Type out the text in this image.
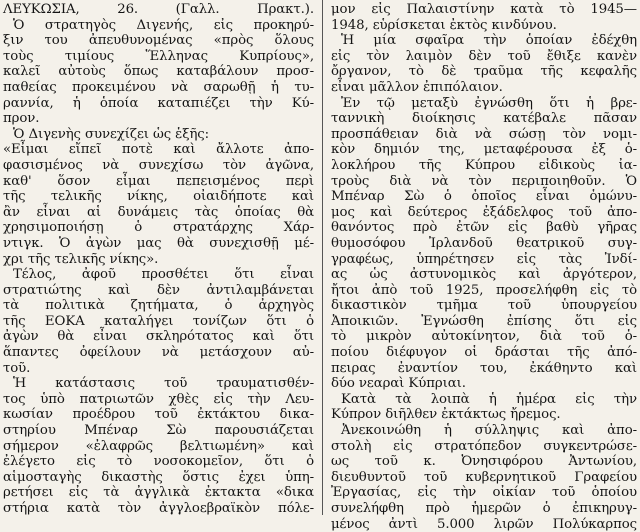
ΛΕΥΚΩΣΙΑ, 26. (Γαλλ. Πρακτ.).
Ὁ στρατηγὸς Διγενής, εἰς προκηρύ-
ξιν του ἀπευθυνομένας «πρὸς ὅλους
τοὺς τιμίους Ἕλληνας Κυπρίους»,
καλεῖ αὐτοὺς ὅπως καταβάλουν προσ-
παθείας προκειμένου νὰ σαρωθῇ ἡ τυ-
ραννία, ἡ ὁποία καταπιέζει τὴν Κύ-
προν.
Ὁ Διγενὴς συνεχίζει ὡς ἑξῆς:
«Εἶμαι εἴπεῖ ποτὲ καὶ ἄλλοτε ἀπο-
φασισμένος νὰ συνεχίσω τὸν ἀγῶνα,
καθ' ὅσον εἶμαι πεπεισμένος περὶ
τῆς τελικῆς νίκης, οἰαιδήποτε καὶ
ἂν εἶναι αἱ δυνάμεις τὰς ὁποίας θὰ
χρησιμοποιήσῃ ὁ στρατάρχης Χάρ-
ντιγκ. Ὁ ἀγὼν μας θὰ συνεχισθῇ μέ-
χρι τῆς τελικῆς νίκης».
Τέλος, ἀφοῦ προσθέτει ὅτι εἶναι
στρατιώτης καὶ δὲν ἀντιλαμβάνεται
τὰ πολιτικὰ ζητήματα, ὁ ἀρχηγὸς
τῆς ΕΟΚΑ καταλήγει τονίζων ὅτι ὁ
ἀγὼν θὰ εἶναι σκληρότατος καὶ ὅτι
ἅπαντες ὀφείλουν νὰ μετάσχουν αὐ-
τοῦ.
Ἡ κατάστασις τοῦ τραυματισθέν-
τος ὑπὸ πατριωτῶν χθὲς εἰς τὴν Λευ-
κωσίαν προέδρου τοῦ ἐκτάκτου δικα-
στηρίου Μπέναρ Σὼ παρουσιάζεται
σήμερον «ἐλαφρῶς βελτιωμένη» καὶ
ἐλέγετο εἰς τὸ νοσοκομεῖον, ὅτι ὁ
αἱμοσταγὴς δικαστὴς ὅστις ἐχει ὑπη-
ρετήσει εἰς τὰ ἀγγλικὰ ἐκτακτα «δικα
στήρια κατὰ τὸν ἀγγλοεβραϊκὸν πόλε-
μον εἰς Παλαιστίνην κατὰ τὸ 1945—
1948, εὑρίσκεται ἐκτὸς κινδύνου.
Ἡ μία σφαῖρα τὴν ὁποίαν ἐδέχθη
εἰς τὸν λαιμὸν δὲν τοῦ ἔθιξε κανὲν
ὄργανον, τὸ δὲ τραῦμα τῆς κεφαλῆς
εἶναι μᾶλλον ἐπιπόλαιον.
Ἐν τῷ μεταξὺ ἐγνώσθη ὅτι ἡ βρε-
ταννικὴ διοίκησις κατέβαλε πᾶσαν
προσπάθειαν διὰ νὰ σώσῃ τὸν νομι-
κὸν δημιόν της, μεταφέρουσα ἐξ ὁ-
λοκλήρου τῆς Κύπρου εἰδικοὺς ἰα-
τροὺς διὰ νὰ τὸν περιποιηθοῦν. Ὁ
Μπέναρ Σὼ ὁ ὁποῖος εἶναι ὁμώνυ-
μος καὶ δεύτερος ἐξάδελφος τοῦ ἀπο-
θανόντος πρὸ ἐτῶν εἰς βαθὺ γῆρας
θυμοσόφου Ἰρλανδοῦ θεατρικοῦ συγ-
γραφέως, ὑπηρέτησεν εἰς τὰς Ἰνδί-
ας ὡς ἀστυνομικὸς καὶ ἀργότερον,
ἤτοι ἀπὸ τοῦ 1925, προσελήφθη εἰς τὸ
δικαστικὸν τμῆμα τοῦ ὑπουργείου
Ἀποικιῶν. Ἐγνώσθη ἐπίσης ὅτι εἰς
τὸ μικρὸν αὐτοκίνητον, διὰ τοῦ ὁ-
ποίου διέφυγον οἱ δράσται τῆς ἀπό-
πειρας ἐναντίον του, ἐκάθηντο καὶ
δύο νεαραὶ Κύπριαι.
Κατὰ τὰ λοιπὰ ἡ ἡμέρα εἰς τὴν
Κύπρον διῆλθεν ἐκτάκτως ἤρεμος.
Ἀνεκοινώθη ἡ σύλληψις καὶ ἀπο-
στολὴ εἰς στρατόπεδον συγκεντρώσε-
ως τοῦ κ. Ὀνησιφόρου Ἀντωνίου,
διευθυντοῦ τοῦ κυβερνητικοῦ Γραφείου
Ἐργασίας, εἰς τὴν οἰκίαν τοῦ ὁποίου
συνελήφθη πρὸ ἡμερῶν ὁ ἐπικηρυγ-
μένος ἀντὶ 5.000 λιρῶν Πολύκαρπος
